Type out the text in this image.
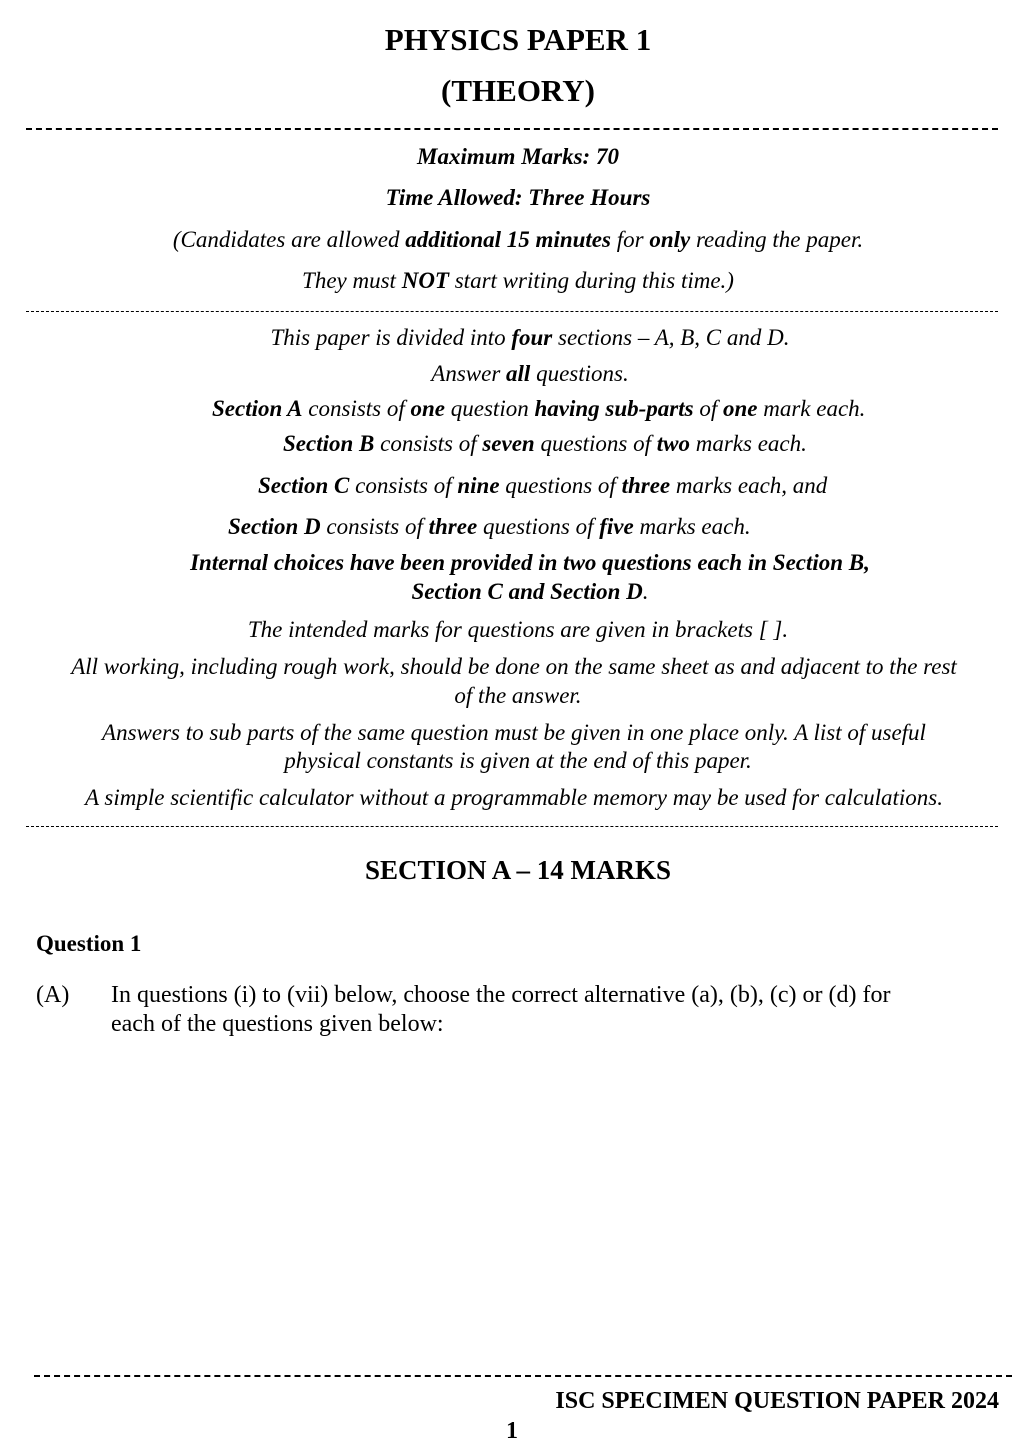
PHYSICS PAPER 1
(THEORY)
Maximum Marks: 70
Time Allowed: Three Hours
(Candidates are allowed additional 15 minutes for only reading the paper.
They must NOT start writing during this time.)
This paper is divided into four sections – A, B, C and D.
Answer all questions.
Section A consists of one question having sub-parts of one mark each.
Section B consists of seven questions of two marks each.
Section C consists of nine questions of three marks each, and
Section D consists of three questions of five marks each.
Internal choices have been provided in two questions each in Section B,
Section C and Section D.
The intended marks for questions are given in brackets [ ].
All working, including rough work, should be done on the same sheet as and adjacent to the rest
of the answer.
Answers to sub parts of the same question must be given in one place only. A list of useful
physical constants is given at the end of this paper.
A simple scientific calculator without a programmable memory may be used for calculations.
SECTION A – 14 MARKS
Question 1
(A) In questions (i) to (vii) below, choose the correct alternative (a), (b), (c) or (d) for
each of the questions given below:
ISC SPECIMEN QUESTION PAPER 2024
1
